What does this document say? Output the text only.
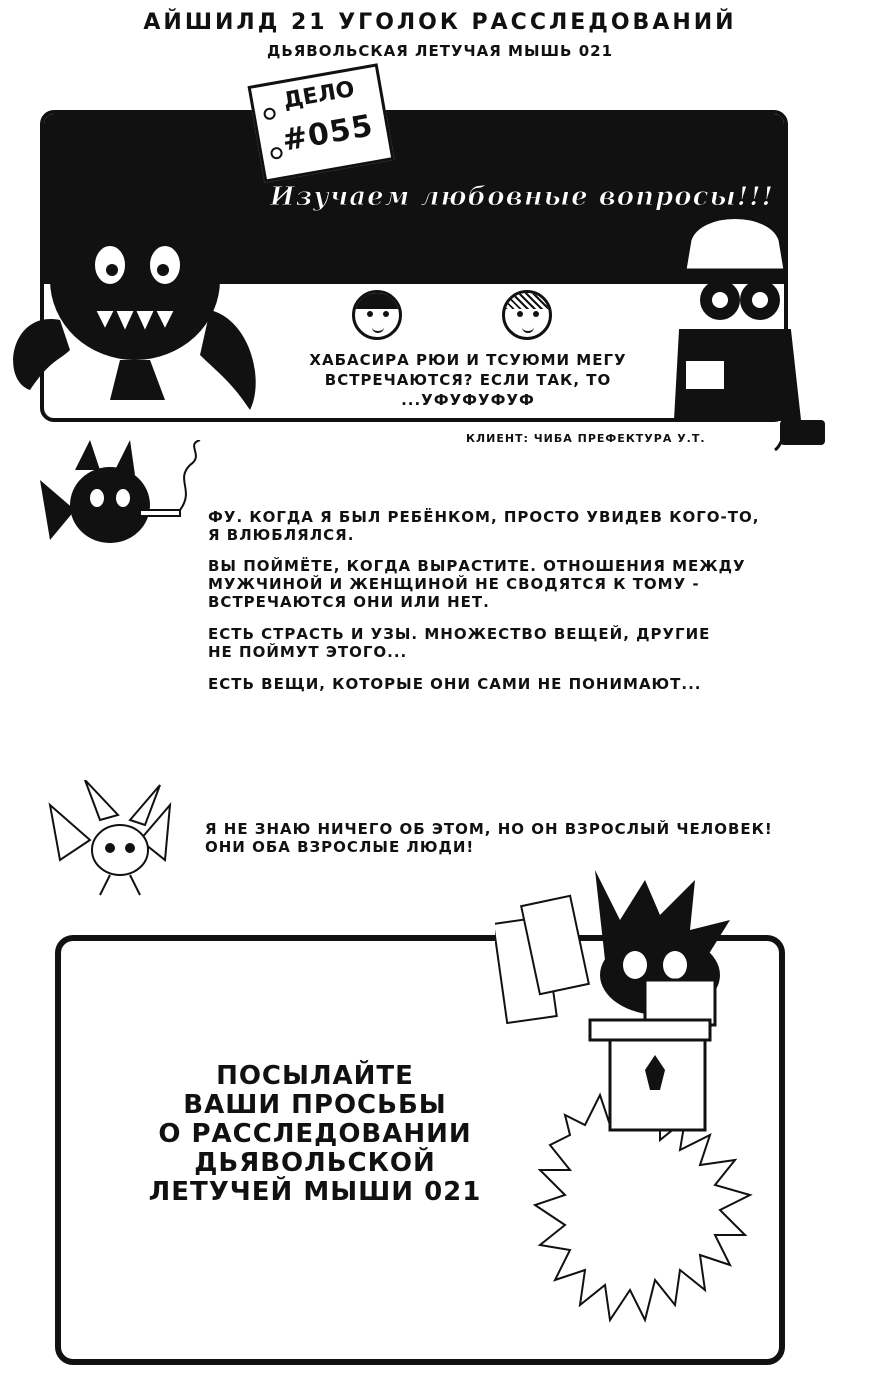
АЙШИЛД 21 УГОЛОК РАССЛЕДОВАНИЙ
ДЬЯВОЛЬСКАЯ ЛЕТУЧАЯ МЫШЬ 021
ДЕЛО
#055
Изучаем любовные вопросы!!!
ХАБАСИРА РЮИ И ТСУЮМИ МЕГУ
ВСТРЕЧАЮТСЯ? ЕСЛИ ТАК, ТО ...УФУФУФУФ
КЛИЕНТ: ЧИБА ПРЕФЕКТУРА У.Т.

ФУ. КОГДА Я БЫЛ РЕБЁНКОМ, ПРОСТО УВИДЕВ КОГО-ТО,

Я ВЛЮБЛЯЛСЯ.

ВЫ ПОЙМЁТЕ, КОГДА ВЫРАСТИТЕ. ОТНОШЕНИЯ МЕЖДУ

МУЖЧИНОЙ И ЖЕНЩИНОЙ НЕ СВОДЯТСЯ К ТОМУ -

ВСТРЕЧАЮТСЯ ОНИ ИЛИ НЕТ.

ЕСТЬ СТРАСТЬ И УЗЫ. МНОЖЕСТВО ВЕЩЕЙ, ДРУГИЕ

НЕ ПОЙМУТ ЭТОГО...

ЕСТЬ ВЕЩИ, КОТОРЫЕ ОНИ САМИ НЕ ПОНИМАЮТ...

Я НЕ ЗНАЮ НИЧЕГО ОБ ЭТОМ, НО ОН ВЗРОСЛЫЙ ЧЕЛОВЕК!

ОНИ ОБА ВЗРОСЛЫЕ ЛЮДИ!

ПОСЫЛАЙТЕ
ВАШИ ПРОСЬБЫ
О РАССЛЕДОВАНИИ
ДЬЯВОЛЬСКОЙ
ЛЕТУЧЕЙ МЫШИ 021
